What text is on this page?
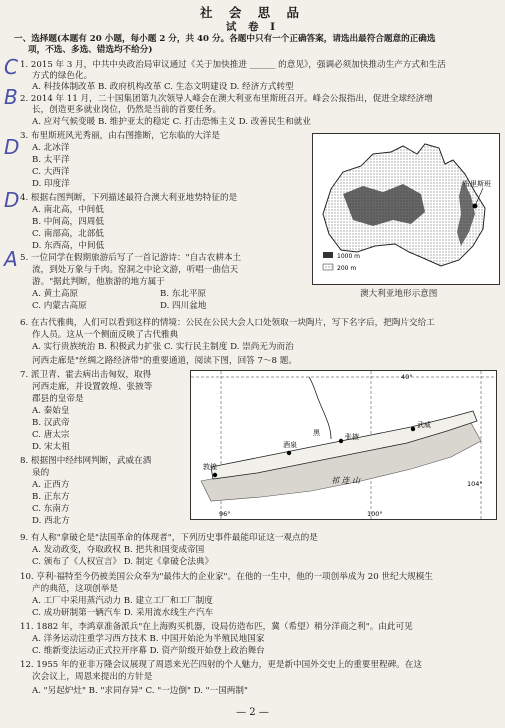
社 会 思 品
试 卷 Ⅰ
一、选择题(本题有 20 小题，每小题 2 分，共 40 分。各题中只有一个正确答案，请选出最符合题意的正确选
项，不选、多选、错选均不给分)
C
B
D
D
A
1. 2015 年 3 月，中共中央政治局审议通过《关于加快推进 ______ 的意见》，强调必须加快推动生产方式和生活
方式的绿色化。
A. 科技体制改革 B. 政府机构改革 C. 生态文明建设 D. 经济方式转型
2. 2014 年 11 月，二十国集团第九次领导人峰会在澳大利亚布里斯班召开。峰会公报指出，促进全球经济增
长，创造更多就业岗位，仍然是当前的首要任务。
A. 应对气候变暖 B. 维护亚太的稳定 C. 打击恐怖主义 D. 改善民生和就业
3. 布里斯班风光秀丽，由右图推断，它东临的大洋是
A. 北冰洋
B. 太平洋
C. 大西洋
D. 印度洋
4. 根据右图判断，下列描述最符合澳大利亚地势特征的是
A. 南北高，中间低
B. 中间高，四周低
C. 南部高，北部低
D. 东西高，中间低
1000 m
200 m
布里斯班
澳大利亚地形示意图
5. 一位同学在假期旅游后写了一首记游诗："自古农耕本土
流，到处万象与千肉。窑洞之中论文游，听唱一曲信天
游。"据此判断，他旅游的地方属于
A. 黄土高原	B. 东北平原
C. 内蒙古高原	D. 四川盆地
6. 在古代雅典，人们可以看到这样的情境：公民在公民大会人口处领取一块陶片，写下名字后，把陶片交给工
作人员。这从一个侧面反映了古代雅典
A. 实行贵族统治 B. 积极武力扩张 C. 实行民主制度 D. 崇尚无为而治
河西走廊是"丝绸之路经济带"的重要通道，阅读下图，回答 7～8 题。
7. 派卫青、霍去病出击匈奴，取得
河西走廊，并设置敦煌、张掖等
郡县的皇帝是
A. 秦始皇
B. 汉武帝
C. 唐太宗
D. 宋太祖
8. 根据图中经纬网判断，武威在酒
泉的
A. 正西方
B. 正东方
C. 东南方
D. 西北方
40°
104°
96°	100°
酒泉
张掖
敦煌
武威
黑
祁 连 山
9. 有人称"拿破仑是"法国革命的体现者"，下列历史事件最能印证这一观点的是
A. 发动政变，夺取政权 B. 把共和国变成帝国
C. 颁布了《人权宣言》 D. 制定《拿破仑法典》
10. 亨利·福特至今仍被美国公众奉为"最伟大的企业家"。在他的一生中，他的一项创举成为 20 世纪大规模生
产的典范，这项创举是
A. 工厂中采用蒸汽动力 B. 建立工厂和工厂制度
C. 成功研制第一辆汽车 D. 采用流水线生产汽车
11. 1882 年，李鸿章准备派兵"在上海购买机器，设局仿造布匹，冀（希望）稍分洋商之利"。由此可见
A. 洋务运动注重学习西方技术 B. 中国开始沦为半殖民地国家
C. 维新变法运动正式拉开序幕 D. 资产阶级开始登上政治舞台
12. 1955 年的亚非万隆会议展现了周恩来光芒四射的个人魅力，更是新中国外交史上的重要里程碑。在这
次会议上，周恩来提出的方针是
A. "另起炉灶" B. "求同存异" C. "一边倒" D. "一国两制"
— 2 —
